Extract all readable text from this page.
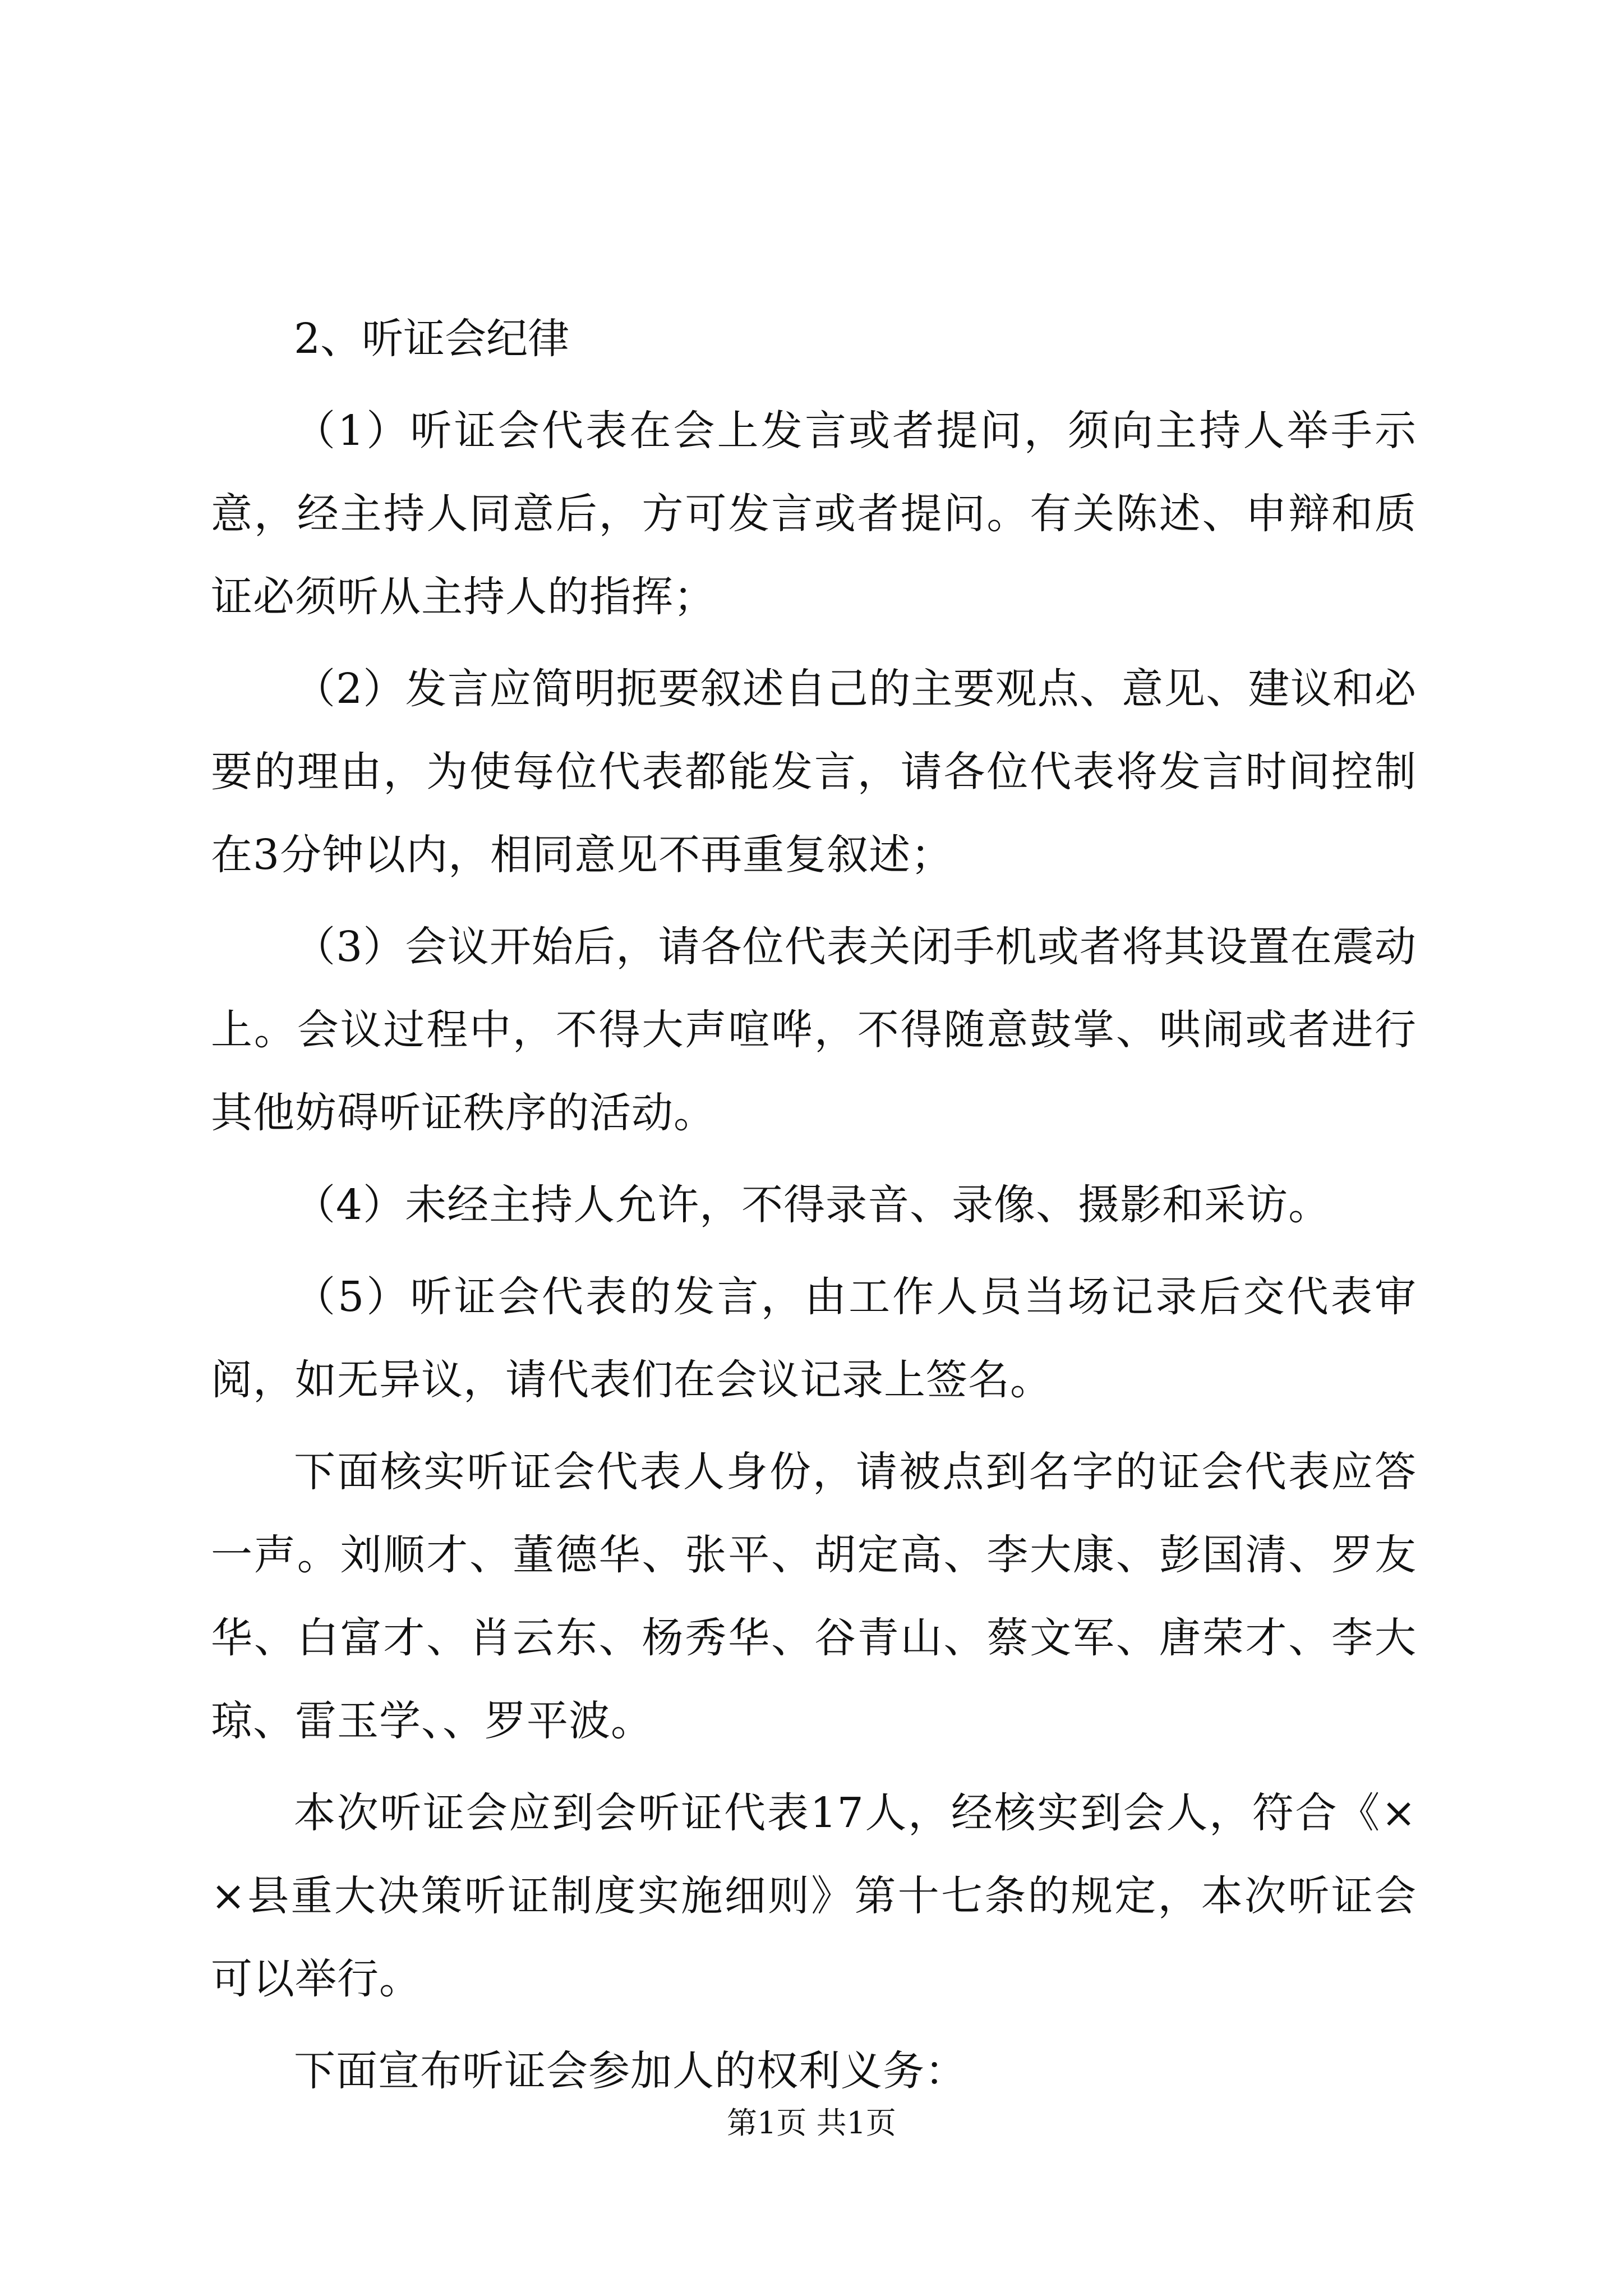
2、听证会纪律

（1）听证会代表在会上发言或者提问，须向主持人举手示意，经主持人同意后，方可发言或者提问。有关陈述、申辩和质证必须听从主持人的指挥；

（2）发言应简明扼要叙述自己的主要观点、意见、建议和必要的理由，为使每位代表都能发言，请各位代表将发言时间控制在3分钟以内，相同意见不再重复叙述；

（3）会议开始后，请各位代表关闭手机或者将其设置在震动上。会议过程中，不得大声喧哗，不得随意鼓掌、哄闹或者进行其他妨碍听证秩序的活动。

（4）未经主持人允许，不得录音、录像、摄影和采访。

（5）听证会代表的发言，由工作人员当场记录后交代表审阅，如无异议，请代表们在会议记录上签名。

下面核实听证会代表人身份，请被点到名字的证会代表应答一声。刘顺才、董德华、张平、胡定高、李大康、彭国清、罗友华、白富才、肖云东、杨秀华、谷青山、蔡文军、唐荣才、李大琼、雷玉学、、罗平波。

本次听证会应到会听证代表17人，经核实到会人，符合《××县重大决策听证制度实施细则》第十七条的规定，本次听证会可以举行。

下面宣布听证会参加人的权利义务：

第1页 共1页
